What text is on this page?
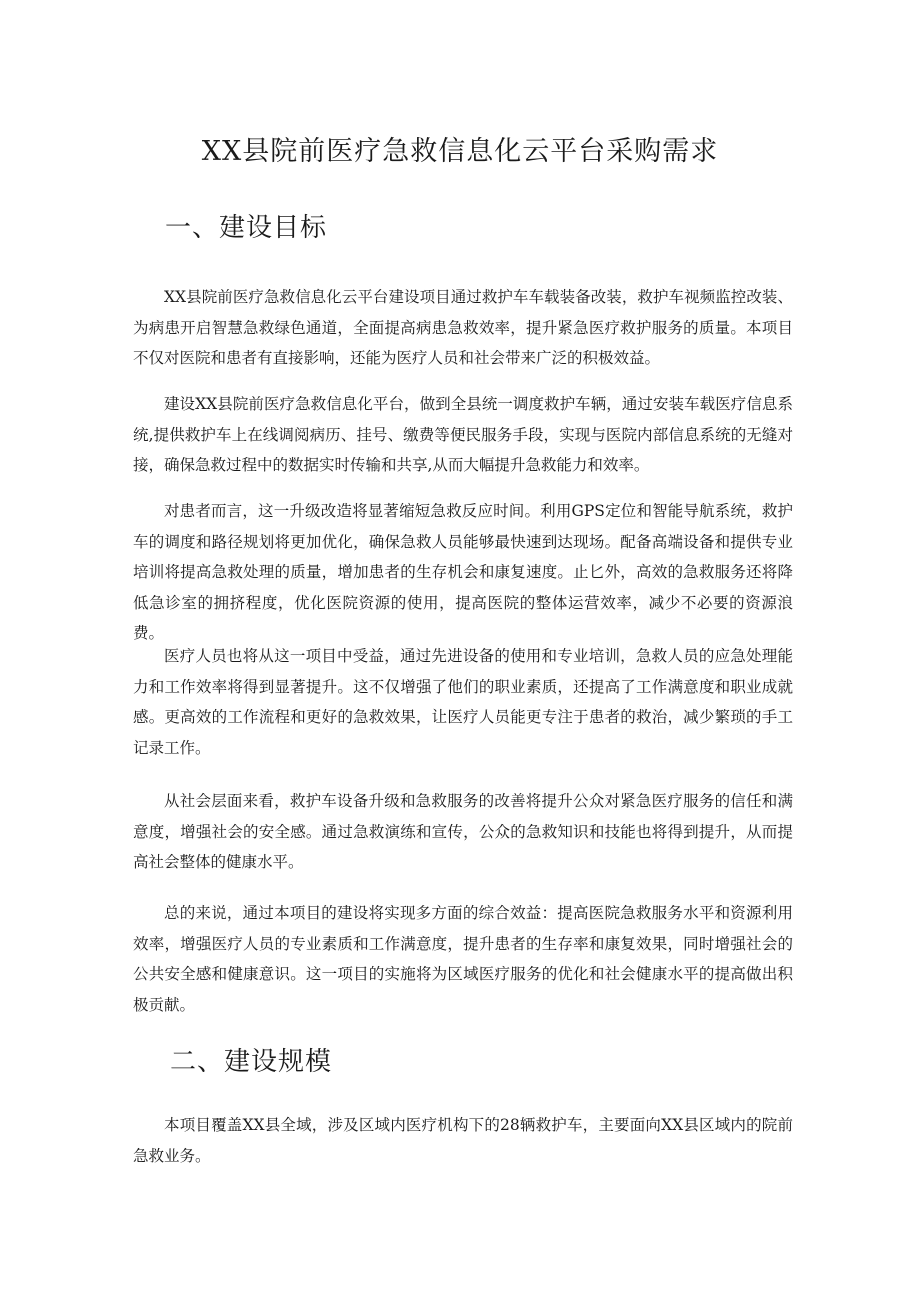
XX县院前医疗急救信息化云平台采购需求
一、建设目标

XX县院前医疗急救信息化云平台建设项目通过救护车车载装备改装，救护车视频监控改装、为病患开启智慧急救绿色通道，全面提高病患急救效率，提升紧急医疗救护服务的质量。本项目不仅对医院和患者有直接影响，还能为医疗人员和社会带来广泛的积极效益。

建设XX县院前医疗急救信息化平台，做到全县统一调度救护车辆，通过安装车载医疗信息系统,提供救护车上在线调阅病历、挂号、缴费等便民服务手段，实现与医院内部信息系统的无缝对接，确保急救过程中的数据实时传输和共享,从而大幅提升急救能力和效率。

对患者而言，这一升级改造将显著缩短急救反应时间。利用GPS定位和智能导航系统，救护车的调度和路径规划将更加优化，确保急救人员能够最快速到达现场。配备高端设备和提供专业培训将提高急救处理的质量，增加患者的生存机会和康复速度。止匕外，高效的急救服务还将降低急诊室的拥挤程度，优化医院资源的使用，提高医院的整体运营效率，减少不必要的资源浪费。

医疗人员也将从这一项目中受益，通过先进设备的使用和专业培训，急救人员的应急处理能力和工作效率将得到显著提升。这不仅增强了他们的职业素质，还提高了工作满意度和职业成就感。更高效的工作流程和更好的急救效果，让医疗人员能更专注于患者的救治，减少繁琐的手工记录工作。

从社会层面来看，救护车设备升级和急救服务的改善将提升公众对紧急医疗服务的信任和满意度，增强社会的安全感。通过急救演练和宣传，公众的急救知识和技能也将得到提升，从而提高社会整体的健康水平。

总的来说，通过本项目的建设将实现多方面的综合效益：提高医院急救服务水平和资源利用效率，增强医疗人员的专业素质和工作满意度，提升患者的生存率和康复效果，同时增强社会的公共安全感和健康意识。这一项目的实施将为区域医疗服务的优化和社会健康水平的提高做出积极贡献。

二、建设规模

本项目覆盖XX县全域，涉及区域内医疗机构下的28辆救护车，主要面向XX县区域内的院前急救业务。
